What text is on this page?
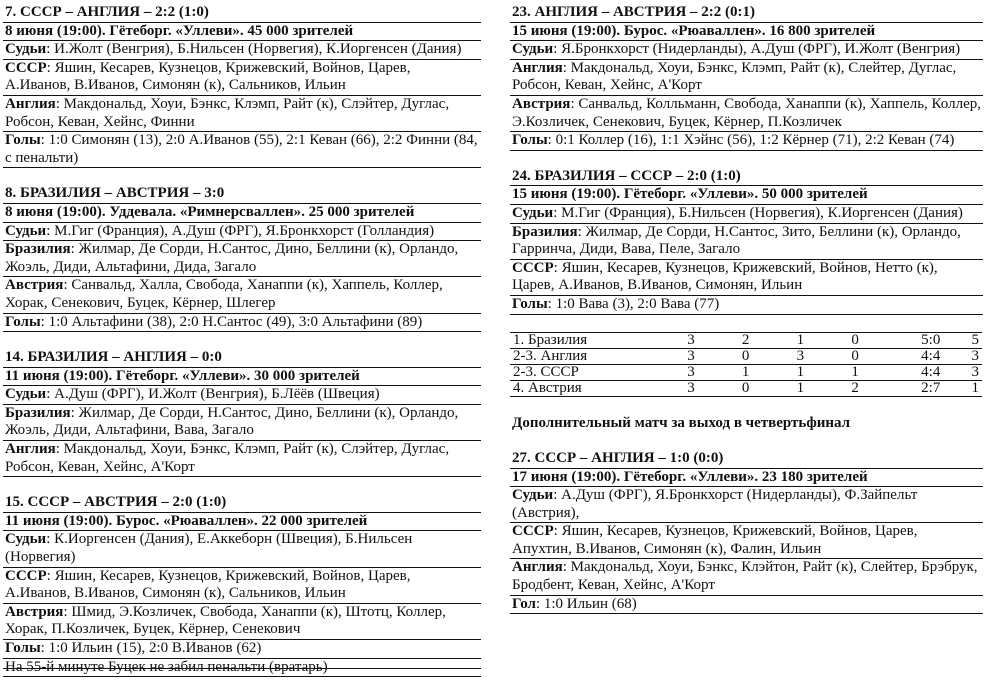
7. СССР – АНГЛИЯ – 2:2 (1:0)
8 июня (19:00). Гётеборг. «Уллеви». 45 000 зрителей
Судьи: И.Жолт (Венгрия), Б.Нильсен (Норвегия), К.Иоргенсен (Дания)
СССР: Яшин, Кесарев, Кузнецов, Крижевский, Войнов, Царев, А.Иванов, В.Иванов, Симонян (к), Сальников, Ильин
Англия: Макдональд, Хоуи, Бэнкс, Клэмп, Райт (к), Слэйтер, Дуглас, Робсон, Кеван, Хейнс, Финни
Голы: 1:0 Симонян (13), 2:0 А.Иванов (55), 2:1 Кеван (66), 2:2 Финни (84, с пенальти)
8. БРАЗИЛИЯ – АВСТРИЯ – 3:0
8 июня (19:00). Уддевала. «Римнерсваллен». 25 000 зрителей
Судьи: М.Гиг (Франция), А.Душ (ФРГ), Я.Бронкхорст (Голландия)
Бразилия: Жилмар, Де Сорди, Н.Сантос, Дино, Беллини (к), Орландо, Жоэль, Диди, Альтафини, Дида, Загало
Австрия: Санвальд, Халла, Свобода, Ханаппи (к), Хаппель, Коллер, Хорак, Сенекович, Буцек, Кёрнер, Шлегер
Голы: 1:0 Альтафини (38), 2:0 Н.Сантос (49), 3:0 Альтафини (89)
14. БРАЗИЛИЯ – АНГЛИЯ – 0:0
11 июня (19:00). Гётеборг. «Уллеви». 30 000 зрителей
Судьи: А.Душ (ФРГ), И.Жолт (Венгрия), Б.Лёёв (Швеция)
Бразилия: Жилмар, Де Сорди, Н.Сантос, Дино, Беллини (к), Орландо, Жоэль, Диди, Альтафини, Вава, Загало
Англия: Макдональд, Хоуи, Бэнкс, Клэмп, Райт (к), Слэйтер, Дуглас, Робсон, Кеван, Хейнс, А'Корт
15. СССР – АВСТРИЯ – 2:0 (1:0)
11 июня (19:00). Бурос. «Рюаваллен». 22 000 зрителей
Судьи: К.Иоргенсен (Дания), Е.Аккеборн (Швеция), Б.Нильсен (Норвегия)
СССР: Яшин, Кесарев, Кузнецов, Крижевский, Войнов, Царев, А.Иванов, В.Иванов, Симонян (к), Сальников, Ильин
Австрия: Шмид, Э.Козличек, Свобода, Ханаппи (к), Штотц, Коллер, Хорак, П.Козличек, Буцек, Кёрнер, Сенекович
Голы: 1:0 Ильин (15), 2:0 В.Иванов (62)
На 55-й минуте Буцек не забил пенальти (вратарь)
23. АНГЛИЯ – АВСТРИЯ – 2:2 (0:1)
15 июня (19:00). Бурос. «Рюаваллен». 16 800 зрителей
Судьи: Я.Бронкхорст (Нидерланды), А.Душ (ФРГ), И.Жолт (Венгрия)
Англия: Макдональд, Хоуи, Бэнкс, Клэмп, Райт (к), Слейтер, Дуглас, Робсон, Кеван, Хейнс, А'Корт
Австрия: Санвальд, Колльманн, Свобода, Ханаппи (к), Хаппель, Коллер, Э.Козличек, Сенекович, Буцек, Кёрнер, П.Козличек
Голы: 0:1 Коллер (16), 1:1 Хэйнс (56), 1:2 Кёрнер (71), 2:2 Кеван (74)
24. БРАЗИЛИЯ – СССР – 2:0 (1:0)
15 июня (19:00). Гётеборг. «Уллеви». 50 000 зрителей
Судьи: М.Гиг (Франция), Б.Нильсен (Норвегия), К.Иоргенсен (Дания)
Бразилия: Жилмар, Де Сорди, Н.Сантос, Зито, Беллини (к), Орландо, Гарринча, Диди, Вава, Пеле, Загало
СССР: Яшин, Кесарев, Кузнецов, Крижевский, Войнов, Нетто (к), Царев, А.Иванов, В.Иванов, Симонян, Ильин
Голы: 1:0 Вава (3), 2:0 Вава (77)
1. Бразилия	3	2	1	0	5:0	5
2-3. Англия	3	0	3	0	4:4	3
2-3. СССР	3	1	1	1	4:4	3
4. Австрия	3	0	1	2	2:7	1
Дополнительный матч за выход в четвертьфинал
27. СССР – АНГЛИЯ – 1:0 (0:0)
17 июня (19:00). Гётеборг. «Уллеви». 23 180 зрителей
Судьи: А.Душ (ФРГ), Я.Бронкхорст (Нидерланды), Ф.Зайпельт (Австрия),
СССР: Яшин, Кесарев, Кузнецов, Крижевский, Войнов, Царев, Апухтин, В.Иванов, Симонян (к), Фалин, Ильин
Англия: Макдональд, Хоуи, Бэнкс, Клэйтон, Райт (к), Слейтер, Брэбрук, Бродбент, Кеван, Хейнс, А'Корт
Гол: 1:0 Ильин (68)
